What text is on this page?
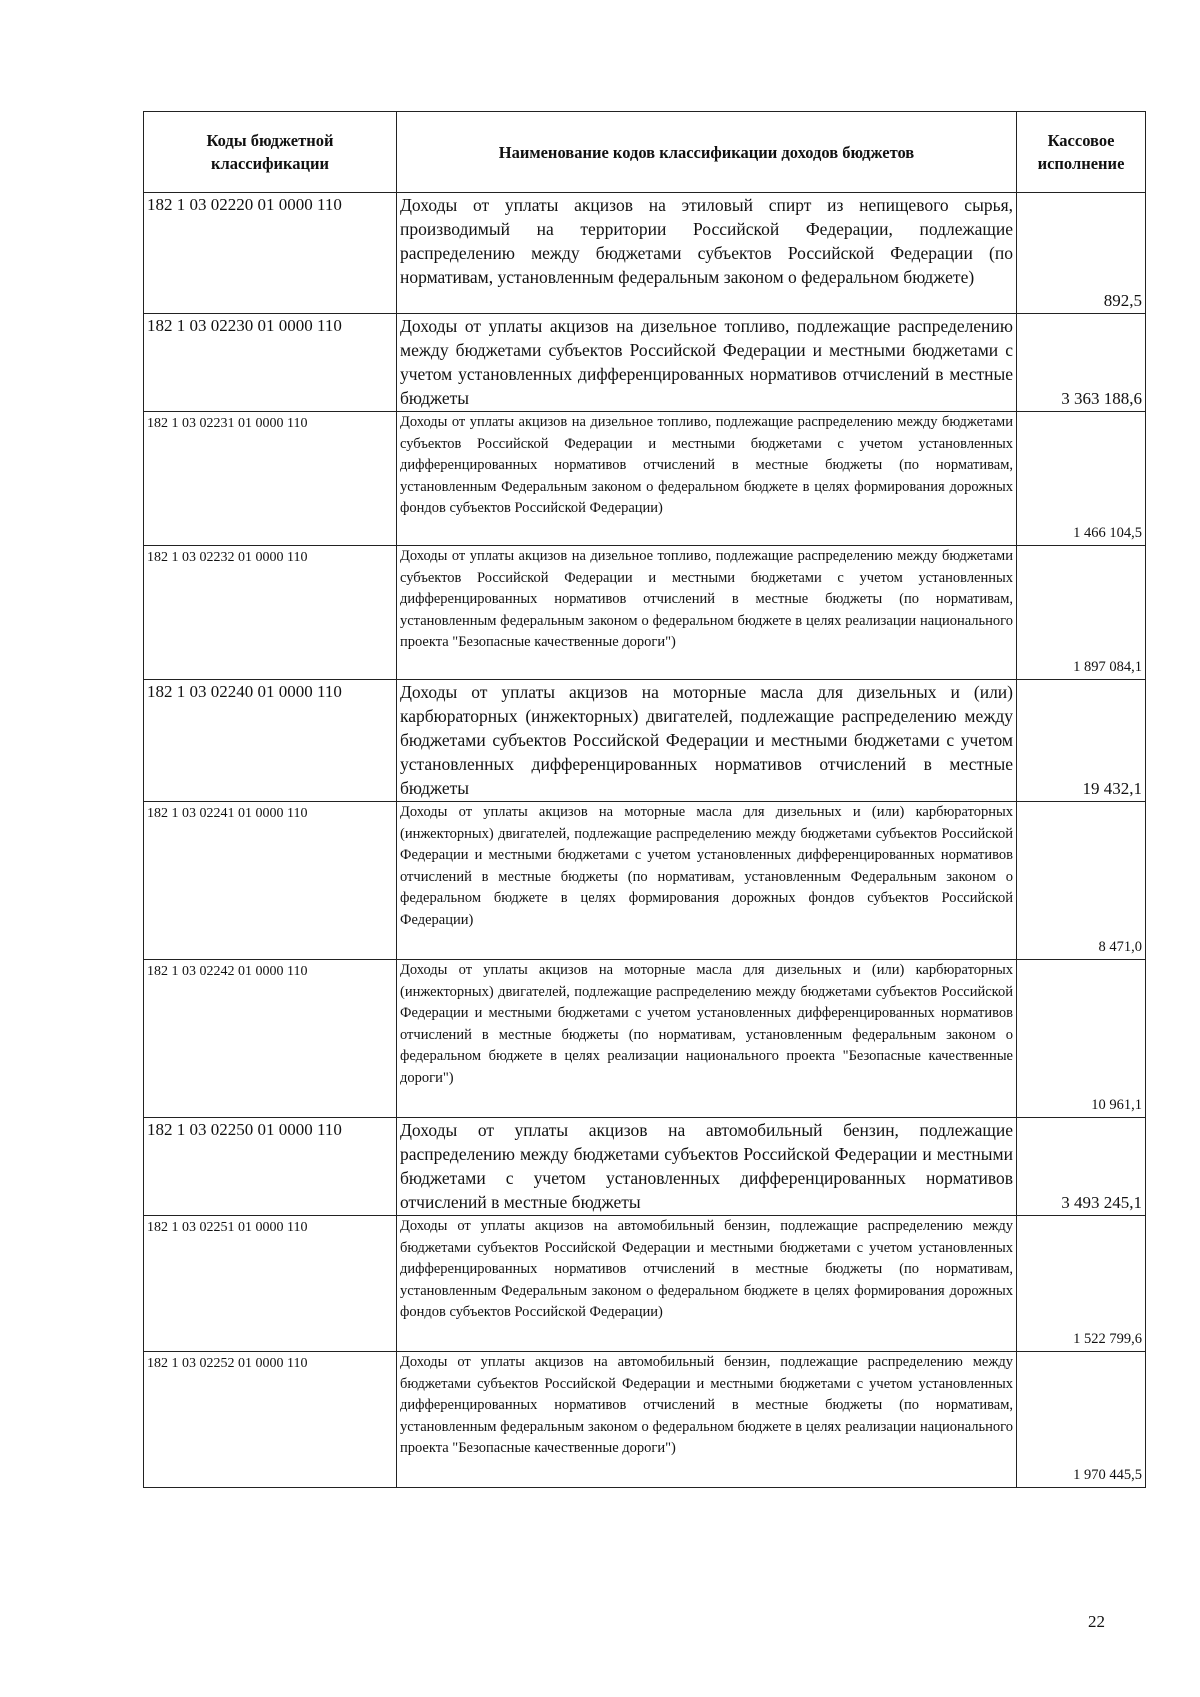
Коды бюджетной классификации	Наименование кодов классификации доходов бюджетов	Кассовое исполнение
182 1 03 02220 01 0000 110	Доходы от уплаты акцизов на этиловый спирт из непищевого сырья, производимый на территории Российской Федерации, подлежащие распределению между бюджетами субъектов Российской Федерации (по нормативам, установленным федеральным законом о федеральном бюджете)	892,5
182 1 03 02230 01 0000 110	Доходы от уплаты акцизов на дизельное топливо, подлежащие распределению между бюджетами субъектов Российской Федерации и местными бюджетами с учетом установленных дифференцированных нормативов отчислений в местные бюджеты	3 363 188,6
182 1 03 02231 01 0000 110	Доходы от уплаты акцизов на дизельное топливо, подлежащие распределению между бюджетами субъектов Российской Федерации и местными бюджетами с учетом установленных дифференцированных нормативов отчислений в местные бюджеты (по нормативам, установленным Федеральным законом о федеральном бюджете в целях формирования дорожных фондов субъектов Российской Федерации)	1 466 104,5
182 1 03 02232 01 0000 110	Доходы от уплаты акцизов на дизельное топливо, подлежащие распределению между бюджетами субъектов Российской Федерации и местными бюджетами с учетом установленных дифференцированных нормативов отчислений в местные бюджеты (по нормативам, установленным федеральным законом о федеральном бюджете в целях реализации национального проекта "Безопасные качественные дороги")	1 897 084,1
182 1 03 02240 01 0000 110	Доходы от уплаты акцизов на моторные масла для дизельных и (или) карбюраторных (инжекторных) двигателей, подлежащие распределению между бюджетами субъектов Российской Федерации и местными бюджетами с учетом установленных дифференцированных нормативов отчислений в местные бюджеты	19 432,1
182 1 03 02241 01 0000 110	Доходы от уплаты акцизов на моторные масла для дизельных и (или) карбюраторных (инжекторных) двигателей, подлежащие распределению между бюджетами субъектов Российской Федерации и местными бюджетами с учетом установленных дифференцированных нормативов отчислений в местные бюджеты (по нормативам, установленным Федеральным законом о федеральном бюджете в целях формирования дорожных фондов субъектов Российской Федерации)	8 471,0
182 1 03 02242 01 0000 110	Доходы от уплаты акцизов на моторные масла для дизельных и (или) карбюраторных (инжекторных) двигателей, подлежащие распределению между бюджетами субъектов Российской Федерации и местными бюджетами с учетом установленных дифференцированных нормативов отчислений в местные бюджеты (по нормативам, установленным федеральным законом о федеральном бюджете в целях реализации национального проекта "Безопасные качественные дороги")	10 961,1
182 1 03 02250 01 0000 110	Доходы от уплаты акцизов на автомобильный бензин, подлежащие распределению между бюджетами субъектов Российской Федерации и местными бюджетами с учетом установленных дифференцированных нормативов отчислений в местные бюджеты	3 493 245,1
182 1 03 02251 01 0000 110	Доходы от уплаты акцизов на автомобильный бензин, подлежащие распределению между бюджетами субъектов Российской Федерации и местными бюджетами с учетом установленных дифференцированных нормативов отчислений в местные бюджеты (по нормативам, установленным Федеральным законом о федеральном бюджете в целях формирования дорожных фондов субъектов Российской Федерации)	1 522 799,6
182 1 03 02252 01 0000 110	Доходы от уплаты акцизов на автомобильный бензин, подлежащие распределению между бюджетами субъектов Российской Федерации и местными бюджетами с учетом установленных дифференцированных нормативов отчислений в местные бюджеты (по нормативам, установленным федеральным законом о федеральном бюджете в целях реализации национального проекта "Безопасные качественные дороги")	1 970 445,5
22
